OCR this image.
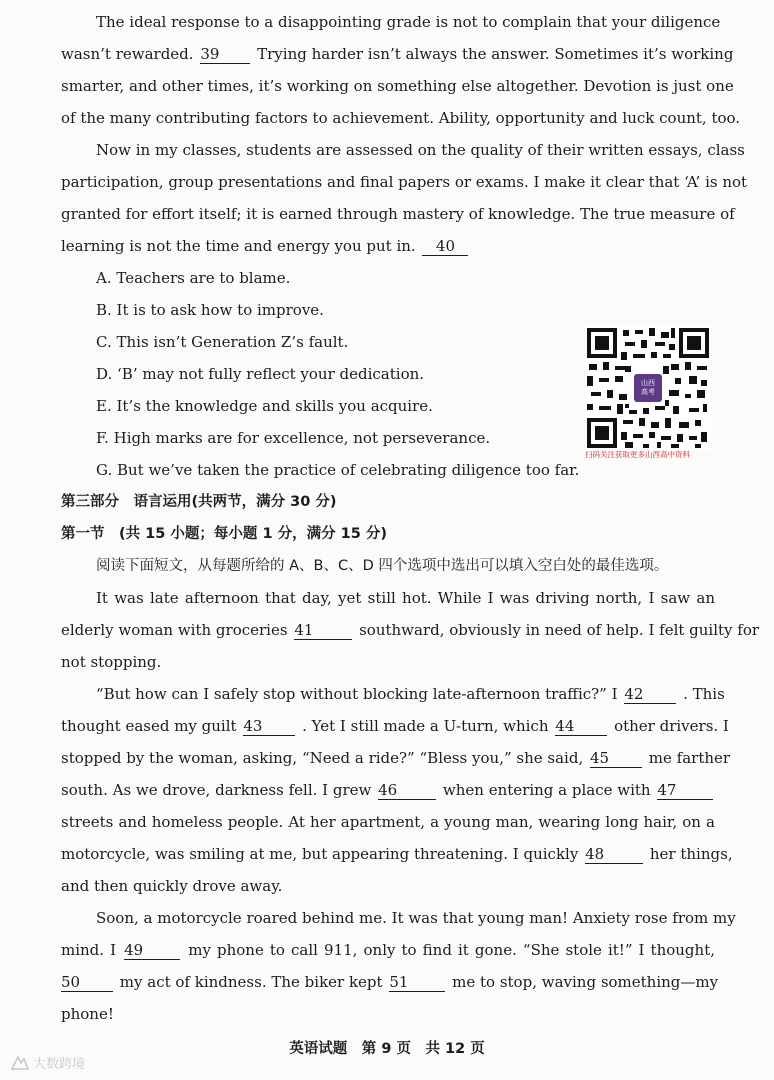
The ideal response to a disappointing grade is not to complain that your diligence
wasn’t rewarded. 39	Trying harder isn’t always the answer. Sometimes it’s working
smarter, and other times, it’s working on something else altogether. Devotion is just one
of the many contributing factors to achievement. Ability, opportunity and luck count, too.
Now in my classes, students are assessed on the quality of their written essays, class
participation, group presentations and final papers or exams. I make it clear that ‘A’ is not
granted for effort itself; it is earned through mastery of knowledge. The true measure of
learning is not the time and energy you put in. 40
A. Teachers are to blame.
B. It is to ask how to improve.
C. This isn’t Generation Z’s fault.
D. ‘B’ may not fully reflect your dedication.
E. It’s the knowledge and skills you acquire.
F. High marks are for excellence, not perseverance.
G. But we’ve taken the practice of celebrating diligence too far.
山西
高考
扫码关注获取更多山西高中资料
第三部分　语言运用(共两节，满分 30 分)
第一节　(共 15 小题；每小题 1 分，满分 15 分)
阅读下面短文，从每题所给的 A、B、C、D 四个选项中选出可以填入空白处的最佳选项。
It was late afternoon that day, yet still hot. While I was driving north, I saw an
elderly woman with groceries 41	southward, obviously in need of help. I felt guilty for
not stopping.
“But how can I safely stop without blocking late-afternoon traffic?” I 42	. This
thought eased my guilt 43	. Yet I still made a U-turn, which 44	other drivers. I
stopped by the woman, asking, “Need a ride?” “Bless you,” she said, 45	me farther
south. As we drove, darkness fell. I grew 46	when entering a place with 47
streets and homeless people. At her apartment, a young man, wearing long hair, on a
motorcycle, was smiling at me, but appearing threatening. I quickly 48	her things,
and then quickly drove away.
Soon, a motorcycle roared behind me. It was that young man! Anxiety rose from my
mind. I 49	my phone to call 911, only to find it gone. “She stole it!” I thought,
50	my act of kindness. The biker kept 51	me to stop, waving something—my
phone!
英语试题　第 9 页　共 12 页
大数跨境
